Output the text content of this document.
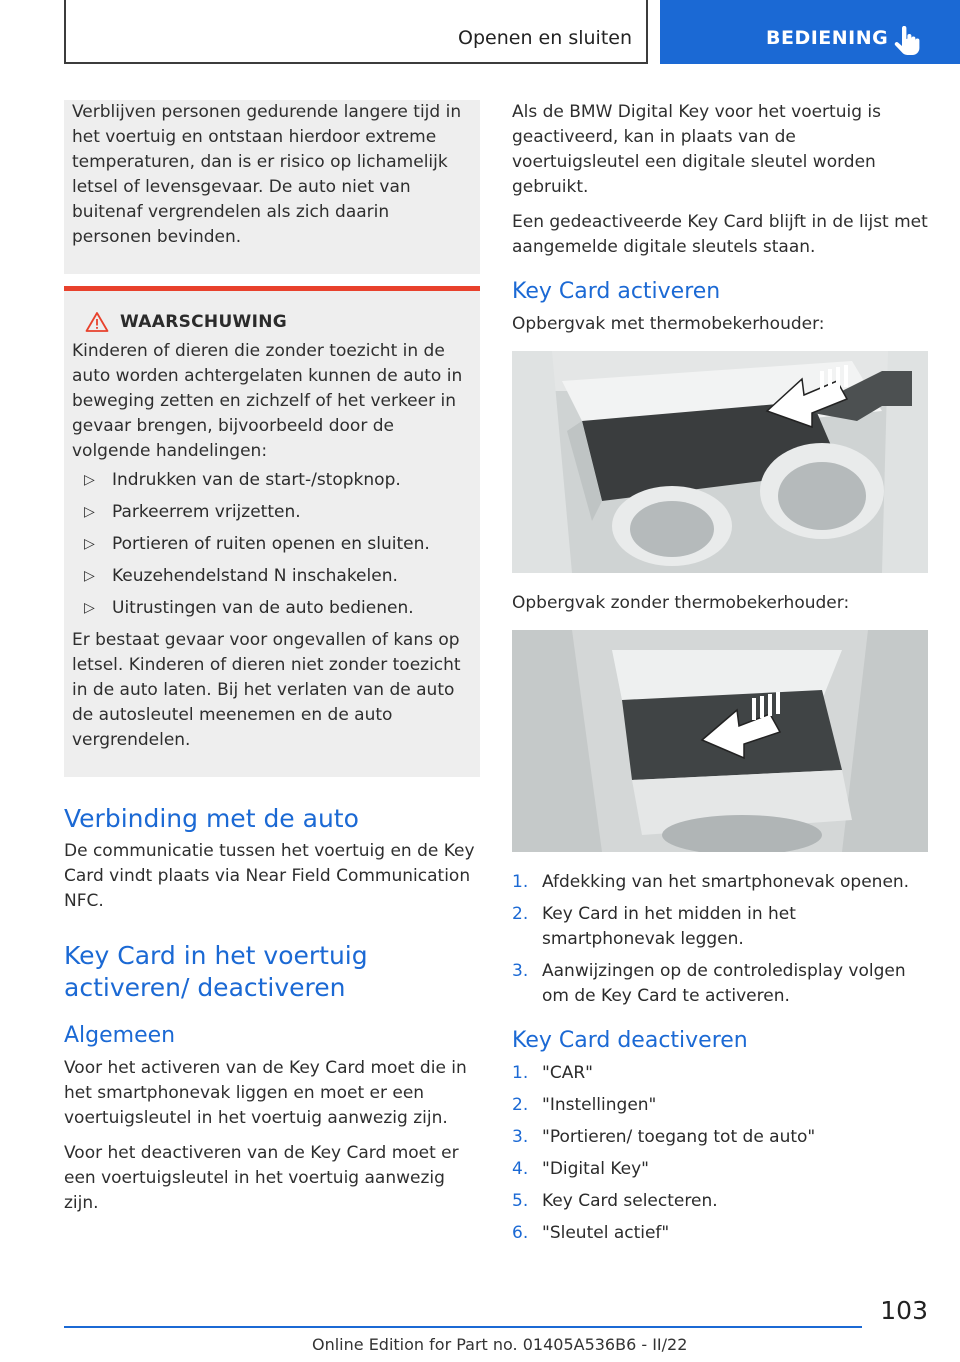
Openen en sluiten	BEDIENING

Verblijven personen gedurende langere tijd in het voertuig en ontstaan hierdoor extreme temperaturen, dan is er risico op lichamelijk letsel of levensgevaar. De auto niet van buitenaf vergrendelen als zich daarin personen bevinden.

WAARSCHUWING

Kinderen of dieren die zonder toezicht in de auto worden achtergelaten kunnen de auto in beweging zetten en zichzelf of het verkeer in gevaar brengen, bijvoorbeeld door de volgende handelingen:

▷ Indrukken van de start-/stopknop.
▷ Parkeerrem vrijzetten.
▷ Portieren of ruiten openen en sluiten.
▷ Keuzehendelstand N inschakelen.
▷ Uitrustingen van de auto bedienen.

Er bestaat gevaar voor ongevallen of kans op letsel. Kinderen of dieren niet zonder toezicht in de auto laten. Bij het verlaten van de auto de autosleutel meenemen en de auto vergrendelen.

Verbinding met de auto

De communicatie tussen het voertuig en de Key Card vindt plaats via Near Field Communication NFC.

Key Card in het voertuig activeren/ deactiveren
Algemeen

Voor het activeren van de Key Card moet die in het smartphonevak liggen en moet er een voertuigsleutel in het voertuig aanwezig zijn.

Voor het deactiveren van de Key Card moet er een voertuigsleutel in het voertuig aanwezig zijn.

Als de BMW Digital Key voor het voertuig is geactiveerd, kan in plaats van de voertuigsleutel een digitale sleutel worden gebruikt.

Een gedeactiveerde Key Card blijft in de lijst met aangemelde digitale sleutels staan.

Key Card activeren

Opbergvak met thermobekerhouder:

Opbergvak zonder thermobekerhouder:

1. Afdekking van het smartphonevak openen.
2. Key Card in het midden in het smartphonevak leggen.
3. Aanwijzingen op de controledisplay volgen om de Key Card te activeren.
Key Card deactiveren
1. "CAR"
2. "Instellingen"
3. "Portieren/ toegang tot de auto"
4. "Digital Key"
5. Key Card selecteren.
6. "Sleutel actief"
103
Online Edition for Part no. 01405A536B6 - II/22
